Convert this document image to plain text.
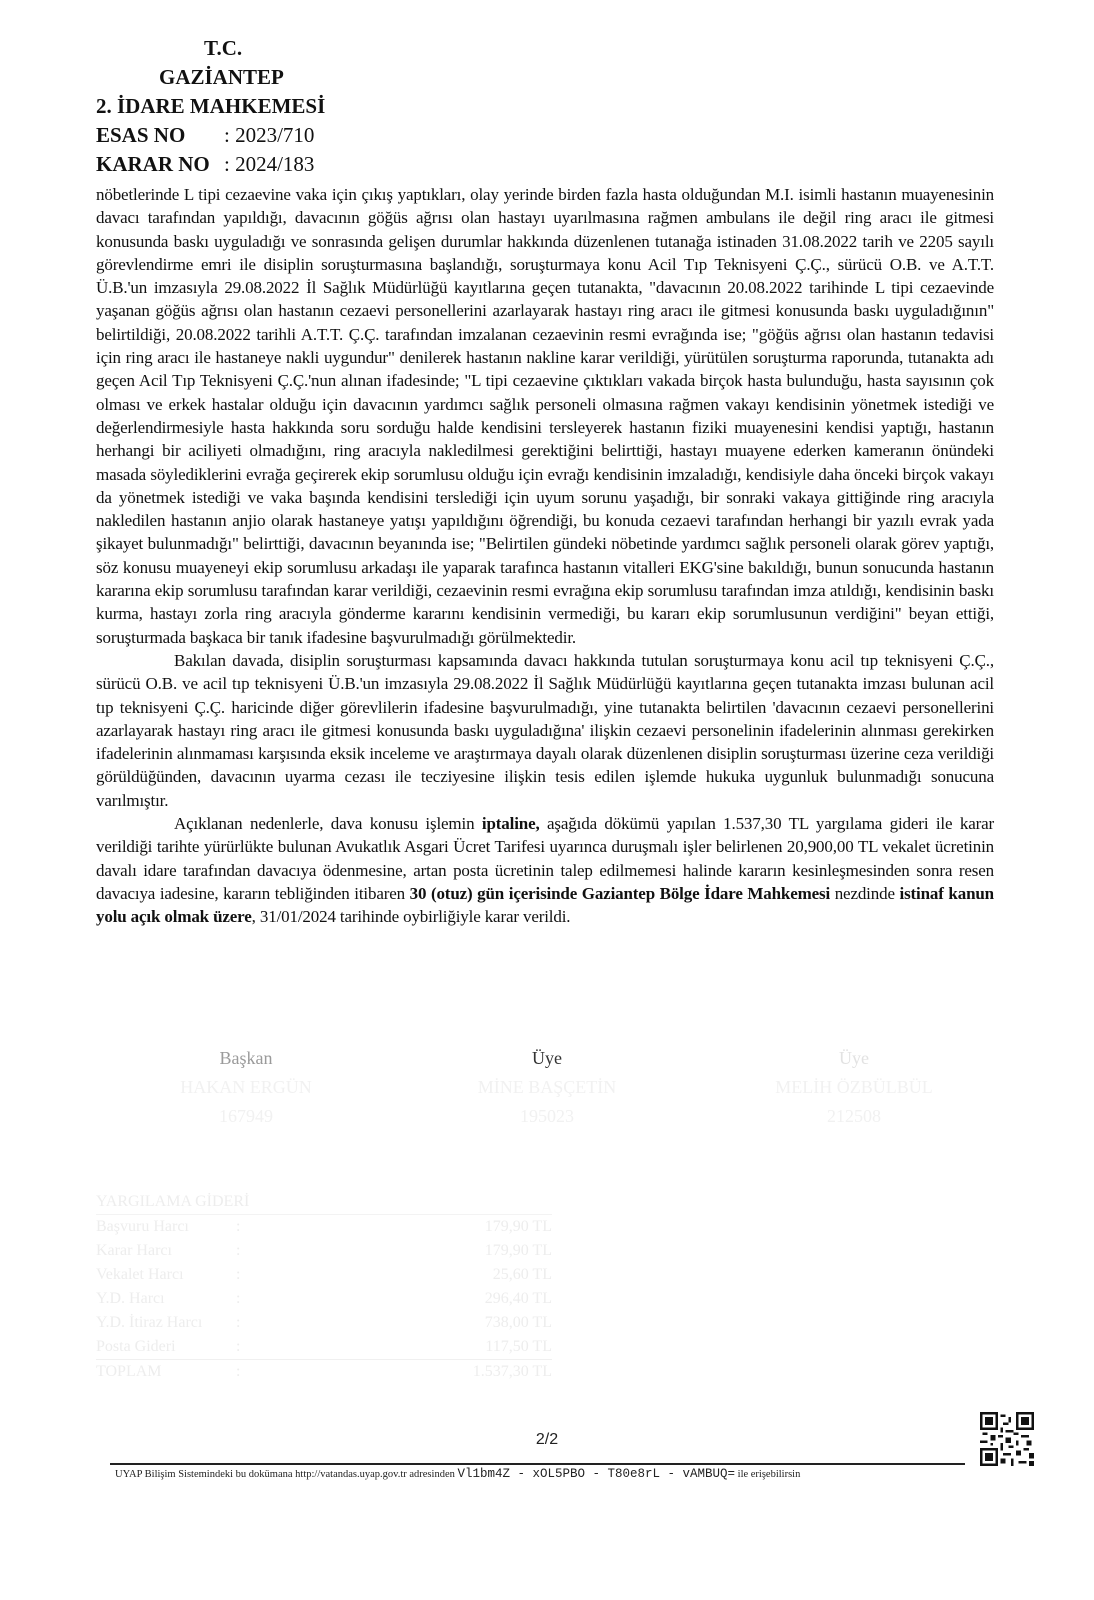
T.C.
GAZİANTEP
2. İDARE MAHKEMESİ
ESAS NO : 2023/710
KARAR NO : 2024/183

nöbetlerinde L tipi cezaevine vaka için çıkış yaptıkları, olay yerinde birden fazla hasta olduğundan M.I. isimli hastanın muayenesinin davacı tarafından yapıldığı, davacının göğüs ağrısı olan hastayı uyarılmasına rağmen ambulans ile değil ring aracı ile gitmesi konusunda baskı uyguladığı ve sonrasında gelişen durumlar hakkında düzenlenen tutanağa istinaden 31.08.2022 tarih ve 2205 sayılı görevlendirme emri ile disiplin soruşturmasına başlandığı, soruşturmaya konu Acil Tıp Teknisyeni Ç.Ç., sürücü O.B. ve A.T.T. Ü.B.'un imzasıyla 29.08.2022 İl Sağlık Müdürlüğü kayıtlarına geçen tutanakta, "davacının 20.08.2022 tarihinde L tipi cezaevinde yaşanan göğüs ağrısı olan hastanın cezaevi personellerini azarlayarak hastayı ring aracı ile gitmesi konusunda baskı uyguladığının" belirtildiği, 20.08.2022 tarihli A.T.T. Ç.Ç. tarafından imzalanan cezaevinin resmi evrağında ise; "göğüs ağrısı olan hastanın tedavisi için ring aracı ile hastaneye nakli uygundur" denilerek hastanın nakline karar verildiği, yürütülen soruşturma raporunda, tutanakta adı geçen Acil Tıp Teknisyeni Ç.Ç.'nun alınan ifadesinde; "L tipi cezaevine çıktıkları vakada birçok hasta bulunduğu, hasta sayısının çok olması ve erkek hastalar olduğu için davacının yardımcı sağlık personeli olmasına rağmen vakayı kendisinin yönetmek istediği ve değerlendirmesiyle hasta hakkında soru sorduğu halde kendisini tersleyerek hastanın fiziki muayenesini kendisi yaptığı, hastanın herhangi bir aciliyeti olmadığını, ring aracıyla nakledilmesi gerektiğini belirttiği, hastayı muayene ederken kameranın önündeki masada söylediklerini evrağa geçirerek ekip sorumlusu olduğu için evrağı kendisinin imzaladığı, kendisiyle daha önceki birçok vakayı da yönetmek istediği ve vaka başında kendisini terslediği için uyum sorunu yaşadığı, bir sonraki vakaya gittiğinde ring aracıyla nakledilen hastanın anjio olarak hastaneye yatışı yapıldığını öğrendiği, bu konuda cezaevi tarafından herhangi bir yazılı evrak yada şikayet bulunmadığı" belirttiği, davacının beyanında ise; "Belirtilen gündeki nöbetinde yardımcı sağlık personeli olarak görev yaptığı, söz konusu muayeneyi ekip sorumlusu arkadaşı ile yaparak tarafınca hastanın vitalleri EKG'sine bakıldığı, bunun sonucunda hastanın kararına ekip sorumlusu tarafından karar verildiği, cezaevinin resmi evrağına ekip sorumlusu tarafından imza atıldığı, kendisinin baskı kurma, hastayı zorla ring aracıyla gönderme kararını kendisinin vermediği, bu kararı ekip sorumlusunun verdiğini" beyan ettiği, soruşturmada başkaca bir tanık ifadesine başvurulmadığı görülmektedir.

Bakılan davada, disiplin soruşturması kapsamında davacı hakkında tutulan soruşturmaya konu acil tıp teknisyeni Ç.Ç., sürücü O.B. ve acil tıp teknisyeni Ü.B.'un imzasıyla 29.08.2022 İl Sağlık Müdürlüğü kayıtlarına geçen tutanakta imzası bulunan acil tıp teknisyeni Ç.Ç. haricinde diğer görevlilerin ifadesine başvurulmadığı, yine tutanakta belirtilen 'davacının cezaevi personellerini azarlayarak hastayı ring aracı ile gitmesi konusunda baskı uyguladığına' ilişkin cezaevi personelinin ifadelerinin alınması gerekirken ifadelerinin alınmaması karşısında eksik inceleme ve araştırmaya dayalı olarak düzenlenen disiplin soruşturması üzerine ceza verildiği görüldüğünden, davacının uyarma cezası ile tecziyesine ilişkin tesis edilen işlemde hukuka uygunluk bulunmadığı sonucuna varılmıştır.

Açıklanan nedenlerle, dava konusu işlemin iptaline, aşağıda dökümü yapılan 1.537,30 TL yargılama gideri ile karar verildiği tarihte yürürlükte bulunan Avukatlık Asgari Ücret Tarifesi uyarınca duruşmalı işler belirlenen 20,900,00 TL vekalet ücretinin davalı idare tarafından davacıya ödenmesine, artan posta ücretinin talep edilmemesi halinde kararın kesinleşmesinden sonra resen davacıya iadesine, kararın tebliğinden itibaren 30 (otuz) gün içerisinde Gaziantep Bölge İdare Mahkemesi nezdinde istinaf kanun yolu açık olmak üzere, 31/01/2024 tarihinde oybirliğiyle karar verildi.

Başkan
HAKAN ERGÜN
167949
Üye
MİNE BAŞÇETİN
195023
Üye
MELİH ÖZBÜLBÜL
212508
YARGILAMA GİDERİ
Başvuru Harcı	:	179,90 TL
Karar Harcı	:	179,90 TL
Vekalet Harcı	:	25,60 TL
Y.D. Harcı	:	296,40 TL
Y.D. İtiraz Harcı	:	738,00 TL
Posta Gideri	:	117,50 TL
TOPLAM	:	1.537,30 TL
2/2
UYAP Bilişim Sistemindeki bu dokümana http://vatandas.uyap.gov.tr adresinden Vl1bm4Z - xOL5PBO - T80e8rL - vAMBUQ= ile erişebilirsin
